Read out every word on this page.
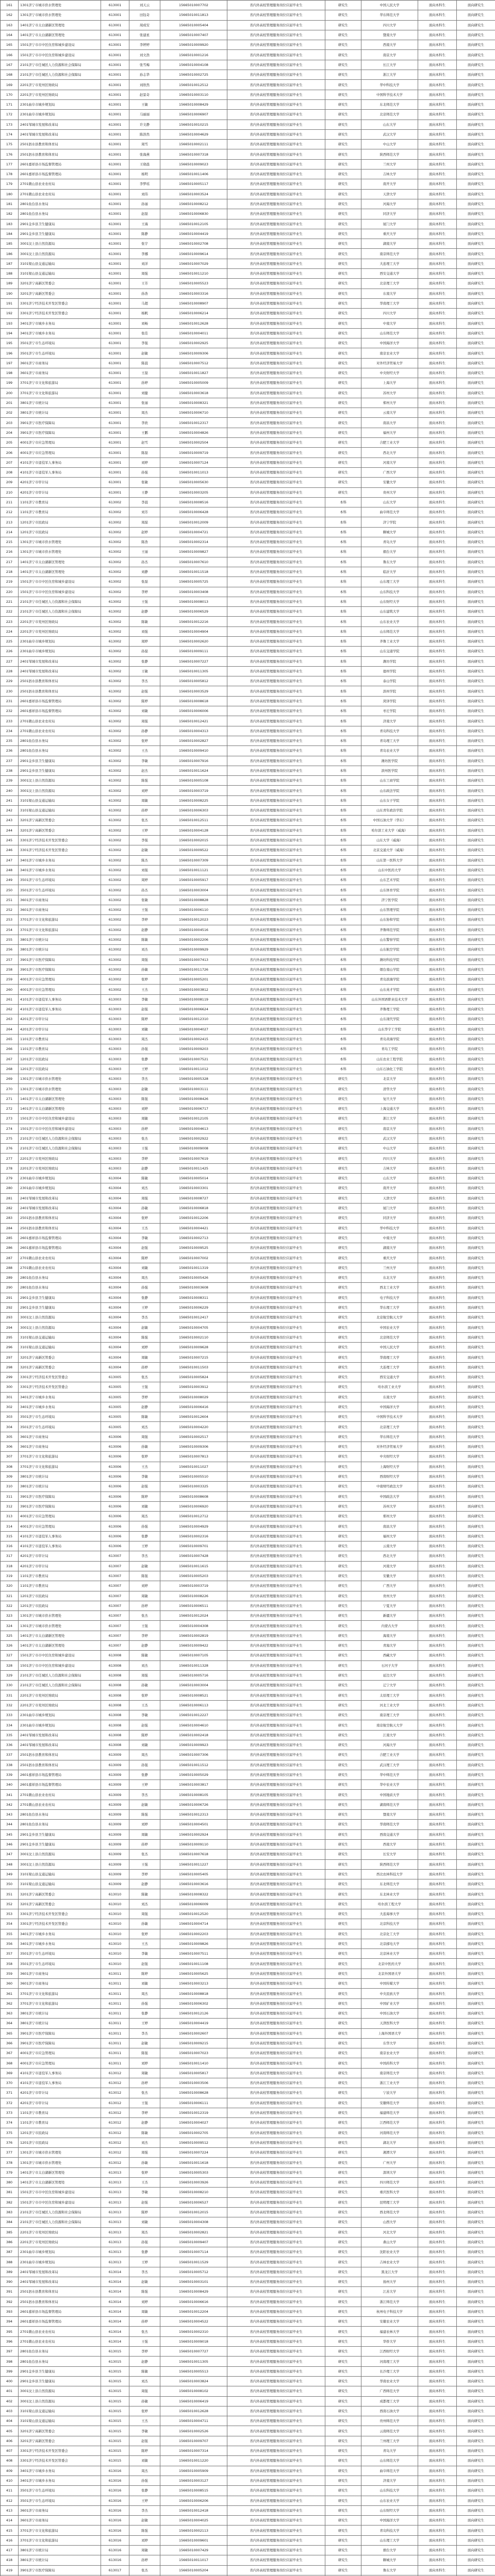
161	1301济宁市城市供水管理处	613001	刘天云	15665010007702	省内外高校管理服务岗位应届毕业生	研究生	中国人民大学	面向本科生	面向研究生
162	1301济宁市城市供水管理处	613001	田钰奇	15665010011813	省内外高校管理服务岗位应届毕业生	研究生	华东师范大学	面向本科生	面向研究生
163	1401济宁市太白湖新区管理处	613001	周成安	15665010005404	省内外高校管理服务岗位应届毕业生	研究生	四川大学	面向本科生	面向研究生
164	1401济宁市太白湖新区管理处	613001	张建星	15665010007407	省内外高校管理服务岗位应届毕业生	研究生	暨南大学	面向本科生	面向研究生
165	1501济宁市市中区住房和城乡建设局	613001	李婷婷	15665010009920	省内外高校管理服务岗位应届毕业生	研究生	西南大学	面向本科生	面向研究生
166	1501济宁市市中区住房和城乡建设局	613001	刘文浩	15665010001216	省内外高校管理服务岗位应届毕业生	研究生	南京大学	面向本科生	面向研究生
167	2101济宁市任城区人力资源和社会保障局	613001	张雪梅	15665010004108	省内外高校管理服务岗位应届毕业生	研究生	长江大学	面向本科生	面向研究生
168	2101济宁市任城区人力资源和社会保障局	613001	孙志华	15665010002725	省内外高校管理服务岗位应届毕业生	研究生	浙江大学	面向本科生	面向研究生
169	2201济宁市兖州区财政局	613001	刘欣然	15665010012512	省内外高校管理服务岗位应届毕业生	研究生	华中科技大学	面向本科生	面向研究生
170	2201济宁市兖州区财政局	613001	赵景奇	15665010003110	省内外高校管理服务岗位应届毕业生	研究生	中国科学技术大学	面向本科生	面向研究生
171	2301曲阜市城乡规划局	613001	王敏	15665010008429	省内外高校管理服务岗位应届毕业生	研究生	东北师范大学	面向本科生	面向研究生
172	2301曲阜市城乡规划局	613001	马丽丽	15665010006907	省内外高校管理服务岗位应届毕业生	研究生	北京师范大学	面向本科生	面向研究生
173	2401邹城市发展和改革局	613001	许文静	15665010010215	省内外高校管理服务岗位应届毕业生	研究生	山东大学	面向本科生	面向研究生
174	2401邹城市发展和改革局	613001	陈浩然	15665010004629	省内外高校管理服务岗位应届毕业生	研究生	武汉大学	面向本科生	面向研究生
175	2501泗水县教育和体育局	613001	周雪	15665010002111	省内外高校管理服务岗位应届毕业生	研究生	中山大学	面向本科生	面向研究生
176	2501泗水县教育和体育局	613001	张海燕	15665010007318	省内外高校管理服务岗位应届毕业生	研究生	陕西师范大学	面向本科生	面向研究生
177	2601嘉祥县市场监督管理局	613001	王晓晨	15665010009023	省内外高校管理服务岗位应届毕业生	研究生	兰州大学	面向本科生	面向研究生
178	2601嘉祥县市场监督管理局	613001	杨明	15665010011406	省内外高校管理服务岗位应届毕业生	研究生	吉林大学	面向本科生	面向研究生
179	2701微山县农业农村局	613001	李梦瑶	15665010005117	省内外高校管理服务岗位应届毕业生	研究生	南开大学	面向本科生	面向研究生
180	2701微山县农业农村局	613001	刘伟	15665010003524	省内外高校管理服务岗位应届毕业生	研究生	天津大学	面向本科生	面向研究生
181	2801鱼台县水务局	613001	孙丽	15665010008212	省内外高校管理服务岗位应届毕业生	研究生	河海大学	面向本科生	面向研究生
182	2801鱼台县水务局	613001	赵磊	15665010006830	省内外高校管理服务岗位应届毕业生	研究生	同济大学	面向本科生	面向研究生
183	2901金乡县卫生健康局	613001	王海	15665010012105	省内外高校管理服务岗位应届毕业生	研究生	厦门大学	面向本科生	面向研究生
184	2901金乡县卫生健康局	613001	陈静	15665010004419	省内外高校管理服务岗位应届毕业生	研究生	重庆大学	面向本科生	面向研究生
185	3001汶上县自然资源局	613001	张宇	15665010002708	省内外高校管理服务岗位应届毕业生	研究生	湖南大学	面向本科生	面向研究生
186	3001汶上县自然资源局	613001	李娜	15665010009614	省内外高校管理服务岗位应届毕业生	研究生	南京师范大学	面向本科生	面向研究生
187	3101梁山县交通运输局	613001	刘洋	15665010007029	省内外高校管理服务岗位应届毕业生	研究生	大连理工大学	面向本科生	面向研究生
188	3101梁山县交通运输局	613001	周强	15665010011210	省内外高校管理服务岗位应届毕业生	研究生	西安交通大学	面向本科生	面向研究生
189	3201济宁高新区管委会	613001	王芳	15665010005523	省内外高校管理服务岗位应届毕业生	研究生	北京理工大学	面向本科生	面向研究生
190	3201济宁高新区管委会	613001	孙浩	15665010003316	省内外高校管理服务岗位应届毕业生	研究生	东南大学	面向本科生	面向研究生
191	3301济宁经济技术开发区管委会	613001	马超	15665010008907	省内外高校管理服务岗位应届毕业生	研究生	华南理工大学	面向本科生	面向研究生
192	3301济宁经济技术开发区管委会	613001	杨帆	15665010006214	省内外高校管理服务岗位应届毕业生	研究生	四川大学	面向本科生	面向研究生
193	3401济宁市城乡水务局	613001	刘畅	15665010012628	省内外高校管理服务岗位应届毕业生	研究生	中南大学	面向本科生	面向研究生
194	3401济宁市城乡水务局	613001	张佳	15665010004011	省内外高校管理服务岗位应届毕业生	研究生	山东师范大学	面向本科生	面向研究生
195	3501济宁市生态环境局	613001	李强	15665010002925	省内外高校管理服务岗位应届毕业生	研究生	中国海洋大学	面向本科生	面向研究生
196	3501济宁市生态环境局	613001	赵敏	15665010009306	省内外高校管理服务岗位应届毕业生	研究生	南京农业大学	面向本科生	面向研究生
197	3601济宁市商务局	613001	陈晨	15665010007512	省内外高校管理服务岗位应届毕业生	研究生	对外经济贸易大学	面向本科生	面向研究生
198	3601济宁市商务局	613001	王磊	15665010011827	省内外高校管理服务岗位应届毕业生	研究生	中央财经大学	面向本科生	面向研究生
199	3701济宁市文化和旅游局	613001	孙婷	15665010005009	省内外高校管理服务岗位应届毕业生	研究生	上海大学	面向本科生	面向研究生
200	3701济宁市文化和旅游局	613001	刘健	15665010003618	省内外高校管理服务岗位应届毕业生	研究生	苏州大学	面向本科生	面向研究生
201	3801济宁市统计局	613001	张丽	15665010008321	省内外高校管理服务岗位应届毕业生	研究生	郑州大学	面向本科生	面向研究生
202	3801济宁市统计局	613001	周杰	15665010006710	省内外高校管理服务岗位应届毕业生	研究生	云南大学	面向本科生	面向研究生
203	3901济宁市医疗保障局	613001	李欣	15665010012317	省内外高校管理服务岗位应届毕业生	研究生	南昌大学	面向本科生	面向研究生
204	3901济宁市医疗保障局	613001	王鹏	15665010004826	省内外高校管理服务岗位应届毕业生	研究生	福州大学	面向本科生	面向研究生
205	4001济宁市应急管理局	613001	赵雪	15665010002504	省内外高校管理服务岗位应届毕业生	研究生	合肥工业大学	面向本科生	面向研究生
206	4001济宁市应急管理局	613001	陈磊	15665010009719	省内外高校管理服务岗位应届毕业生	研究生	西北大学	面向本科生	面向研究生
207	4101济宁市退役军人事务局	613001	刘婷	15665010007124	省内外高校管理服务岗位应届毕业生	研究生	河南大学	面向本科生	面向研究生
208	4101济宁市退役军人事务局	613001	孙强	15665010011013	省内外高校管理服务岗位应届毕业生	研究生	广西大学	面向本科生	面向研究生
209	4201济宁市审计局	613001	张敏	15665010005630	省内外高校管理服务岗位应届毕业生	研究生	安徽大学	面向本科生	面向研究生
210	4201济宁市审计局	613001	王静	15665010003205	省内外高校管理服务岗位应届毕业生	研究生	贵州大学	面向本科生	面向研究生
211	1101济宁市教育局	613002	李晨	15665010008516	省内外高校管理服务岗位应届毕业生	本科	山东大学	面向本科生	面向研究生
212	1101济宁市教育局	613002	刘芳	15665010006428	省内外高校管理服务岗位应届毕业生	本科	曲阜师范大学	面向本科生	面向研究生
213	1201济宁市民政局	613002	周磊	15665010012009	省内外高校管理服务岗位应届毕业生	本科	济宁学院	面向本科生	面向研究生
214	1201济宁市民政局	613002	赵婷	15665010004721	省内外高校管理服务岗位应届毕业生	本科	聊城大学	面向本科生	面向研究生
215	1301济宁市城市供水管理处	613002	陈浩	15665010002314	省内外高校管理服务岗位应届毕业生	本科	青岛大学	面向本科生	面向研究生
216	1301济宁市城市供水管理处	613002	王丽	15665010009827	省内外高校管理服务岗位应届毕业生	本科	烟台大学	面向本科生	面向研究生
217	1401济宁市太白湖新区管理处	613002	孙杰	15665010007610	省内外高校管理服务岗位应届毕业生	本科	鲁东大学	面向本科生	面向研究生
218	1401济宁市太白湖新区管理处	613002	刘静	15665010011518	省内外高校管理服务岗位应届毕业生	本科	临沂大学	面向本科生	面向研究生
219	1501济宁市市中区住房和城乡建设局	613002	张磊	15665010005725	省内外高校管理服务岗位应届毕业生	本科	山东理工大学	面向本科生	面向研究生
220	1501济宁市市中区住房和城乡建设局	613002	李婷	15665010003408	省内外高校管理服务岗位应届毕业生	本科	山东科技大学	面向本科生	面向研究生
221	2101济宁市任城区人力资源和社会保障局	613002	王强	15665010008013	省内外高校管理服务岗位应届毕业生	本科	山东财经大学	面向本科生	面向研究生
222	2101济宁市任城区人力资源和社会保障局	613002	赵静	15665010006529	省内外高校管理服务岗位应届毕业生	本科	山东建筑大学	面向本科生	面向研究生
223	2201济宁市兖州区财政局	613002	陈敏	15665010012216	省内外高校管理服务岗位应届毕业生	本科	山东农业大学	面向本科生	面向研究生
224	2201济宁市兖州区财政局	613002	刘强	15665010004904	省内外高校管理服务岗位应届毕业生	本科	山东师范大学	面向本科生	面向研究生
225	2301曲阜市城乡规划局	613002	周婷	15665010002620	省内外高校管理服务岗位应届毕业生	本科	齐鲁工业大学	面向本科生	面向研究生
226	2301曲阜市城乡规划局	613002	孙磊	15665010009111	省内外高校管理服务岗位应届毕业生	本科	山东交通学院	面向本科生	面向研究生
227	2401邹城市发展和改革局	613002	张静	15665010007227	省内外高校管理服务岗位应届毕业生	本科	潍坊学院	面向本科生	面向研究生
228	2401邹城市发展和改革局	613002	王敏	15665010011305	省内外高校管理服务岗位应届毕业生	本科	德州学院	面向本科生	面向研究生
229	2501泗水县教育和体育局	613002	李杰	15665010005812	省内外高校管理服务岗位应届毕业生	本科	泰山学院	面向本科生	面向研究生
230	2501泗水县教育和体育局	613002	赵强	15665010003529	省内外高校管理服务岗位应届毕业生	本科	滨州学院	面向本科生	面向研究生
231	2601嘉祥县市场监督管理局	613002	陈婷	15665010008618	省内外高校管理服务岗位应届毕业生	本科	菏泽学院	面向本科生	面向研究生
232	2601嘉祥县市场监督管理局	613002	刘敏	15665010006006	省内外高校管理服务岗位应届毕业生	本科	枣庄学院	面向本科生	面向研究生
233	2701微山县农业农村局	613002	周强	15665010012421	省内外高校管理服务岗位应届毕业生	本科	济南大学	面向本科生	面向研究生
234	2701微山县农业农村局	613002	孙静	15665010004313	省内外高校管理服务岗位应届毕业生	本科	青岛科技大学	面向本科生	面向研究生
235	2801鱼台县水务局	613002	张婷	15665010002827	省内外高校管理服务岗位应届毕业生	本科	青岛理工大学	面向本科生	面向研究生
236	2801鱼台县水务局	613002	王杰	15665010009410	省内外高校管理服务岗位应届毕业生	本科	青岛农业大学	面向本科生	面向研究生
237	2901金乡县卫生健康局	613002	李敏	15665010007916	省内外高校管理服务岗位应届毕业生	本科	潍坊医学院	面向本科生	面向研究生
238	2901金乡县卫生健康局	613002	赵杰	15665010011624	省内外高校管理服务岗位应届毕业生	本科	滨州医学院	面向本科生	面向研究生
239	3001汶上县自然资源局	613002	陈强	15665010005108	省内外高校管理服务岗位应届毕业生	本科	山东工商学院	面向本科生	面向研究生
240	3001汶上县自然资源局	613002	刘婷	15665010003719	省内外高校管理服务岗位应届毕业生	本科	山东政法学院	面向本科生	面向研究生
241	3101梁山县交通运输局	613002	周敏	15665010008225	省内外高校管理服务岗位应届毕业生	本科	山东女子学院	面向本科生	面向研究生
242	3101梁山县交通运输局	613002	孙婷	15665010006303	省内外高校管理服务岗位应届毕业生	本科	山东青年政治学院	面向本科生	面向研究生
243	3201济宁高新区管委会	613002	张杰	15665010012511	省内外高校管理服务岗位应届毕业生	本科	中国石油大学（华东）	面向本科生	面向研究生
244	3201济宁高新区管委会	613002	王婷	15665010004128	省内外高校管理服务岗位应届毕业生	本科	哈尔滨工业大学（威海）	面向本科生	面向研究生
245	3301济宁经济技术开发区管委会	613002	李强	15665010002015	省内外高校管理服务岗位应届毕业生	本科	山东大学（威海）	面向本科生	面向研究生
246	3301济宁经济技术开发区管委会	613002	赵敏	15665010009522	省内外高校管理服务岗位应届毕业生	本科	北京交通大学（威海）	面向本科生	面向研究生
247	3401济宁市城乡水务局	613002	陈杰	15665010007309	省内外高校管理服务岗位应届毕业生	本科	山东第一医科大学	面向本科生	面向研究生
248	3401济宁市城乡水务局	613002	刘强	15665010011121	省内外高校管理服务岗位应届毕业生	本科	山东中医药大学	面向本科生	面向研究生
249	3501济宁市生态环境局	613002	周婷	15665010005917	省内外高校管理服务岗位应届毕业生	本科	山东艺术学院	面向本科生	面向研究生
250	3501济宁市生态环境局	613002	孙杰	15665010003004	省内外高校管理服务岗位应届毕业生	本科	山东体育学院	面向本科生	面向研究生
251	3601济宁市商务局	613002	张敏	15665010008828	省内外高校管理服务岗位应届毕业生	本科	济宁医学院	面向本科生	面向研究生
252	3601济宁市商务局	613002	王强	15665010006110	省内外高校管理服务岗位应届毕业生	本科	山东管理学院	面向本科生	面向研究生
253	3701济宁市文化和旅游局	613002	李婷	15665010012023	省内外高校管理服务岗位应届毕业生	本科	山东协和学院	面向本科生	面向研究生
254	3701济宁市文化和旅游局	613002	赵静	15665010004516	省内外高校管理服务岗位应届毕业生	本科	齐鲁师范学院	面向本科生	面向研究生
255	3801济宁市统计局	613002	陈敏	15665010002206	省内外高校管理服务岗位应届毕业生	本科	山东警察学院	面向本科生	面向研究生
256	3801济宁市统计局	613002	刘杰	15665010009929	省内外高校管理服务岗位应届毕业生	本科	山东航空学院	面向本科生	面向研究生
257	3901济宁市医疗保障局	613002	周强	15665010007413	省内外高校管理服务岗位应届毕业生	本科	潍坊科技学院	面向本科生	面向研究生
258	3901济宁市医疗保障局	613002	孙敏	15665010011726	省内外高校管理服务岗位应届毕业生	本科	烟台南山学院	面向本科生	面向研究生
259	4001济宁市应急管理局	613002	张婷	15665010005201	省内外高校管理服务岗位应届毕业生	本科	青岛滨海学院	面向本科生	面向研究生
260	4001济宁市应急管理局	613002	王杰	15665010003812	省内外高校管理服务岗位应届毕业生	本科	山东英才学院	面向本科生	面向研究生
261	4101济宁市退役军人事务局	613003	李敏	15665010008119	省内外高校管理服务岗位应届毕业生	本科	山东外国语职业技术大学	面向本科生	面向研究生
262	4101济宁市退役军人事务局	613003	赵强	15665010006624	省内外高校管理服务岗位应届毕业生	本科	齐鲁理工学院	面向本科生	面向研究生
263	4201济宁市审计局	613003	陈婷	15665010012310	省内外高校管理服务岗位应届毕业生	本科	山东现代学院	面向本科生	面向研究生
264	4201济宁市审计局	613003	刘敏	15665010004027	省内外高校管理服务岗位应届毕业生	本科	山东华宇工学院	面向本科生	面向研究生
265	1101济宁市教育局	613003	周杰	15665010002415	省内外高校管理服务岗位应届毕业生	本科	青岛黄海学院	面向本科生	面向研究生
266	1101济宁市教育局	613003	孙强	15665010009203	省内外高校管理服务岗位应届毕业生	本科	青岛工学院	面向本科生	面向研究生
267	1201济宁市民政局	613003	张静	15665010007521	省内外高校管理服务岗位应届毕业生	本科	山东农业工程学院	面向本科生	面向研究生
268	1201济宁市民政局	613003	王婷	15665010011012	省内外高校管理服务岗位应届毕业生	本科	山东石油化工学院	面向本科生	面向研究生
269	1301济宁市城市供水管理处	613003	李杰	15665010005328	省内外高校管理服务岗位应届毕业生	研究生	北京大学	面向本科生	面向研究生
270	1301济宁市城市供水管理处	613003	赵敏	15665010003111	省内外高校管理服务岗位应届毕业生	研究生	清华大学	面向本科生	面向研究生
271	1401济宁市太白湖新区管理处	613003	陈强	15665010008426	省内外高校管理服务岗位应届毕业生	研究生	复旦大学	面向本科生	面向研究生
272	1401济宁市太白湖新区管理处	613003	刘婷	15665010006717	省内外高校管理服务岗位应届毕业生	研究生	上海交通大学	面向本科生	面向研究生
273	1501济宁市市中区住房和城乡建设局	613003	周敏	15665010012105	省内外高校管理服务岗位应届毕业生	研究生	浙江大学	面向本科生	面向研究生
274	1501济宁市市中区住房和城乡建设局	613003	孙婷	15665010004613	省内外高校管理服务岗位应届毕业生	研究生	南京大学	面向本科生	面向研究生
275	2101济宁市任城区人力资源和社会保障局	613003	张杰	15665010002922	省内外高校管理服务岗位应届毕业生	研究生	武汉大学	面向本科生	面向研究生
276	2101济宁市任城区人力资源和社会保障局	613003	王强	15665010009008	省内外高校管理服务岗位应届毕业生	研究生	中山大学	面向本科生	面向研究生
277	2201济宁市兖州区财政局	613003	李婷	15665010007619	省内外高校管理服务岗位应届毕业生	研究生	四川大学	面向本科生	面向研究生
278	2201济宁市兖州区财政局	613003	赵静	15665010011425	省内外高校管理服务岗位应届毕业生	研究生	吉林大学	面向本科生	面向研究生
279	2301曲阜市城乡规划局	613004	陈敏	15665010005014	省内外高校管理服务岗位应届毕业生	研究生	山东大学	面向本科生	面向研究生
280	2301曲阜市城乡规划局	613004	刘杰	15665010003301	省内外高校管理服务岗位应届毕业生	研究生	南开大学	面向本科生	面向研究生
281	2401邹城市发展和改革局	613004	周强	15665010008727	省内外高校管理服务岗位应届毕业生	研究生	天津大学	面向本科生	面向研究生
282	2401邹城市发展和改革局	613004	孙敏	15665010006818	省内外高校管理服务岗位应届毕业生	研究生	厦门大学	面向本科生	面向研究生
283	2501泗水县教育和体育局	613004	张婷	15665010012206	省内外高校管理服务岗位应届毕业生	研究生	同济大学	面向本科生	面向研究生
284	2501泗水县教育和体育局	613004	王杰	15665010004421	省内外高校管理服务岗位应届毕业生	研究生	华中科技大学	面向本科生	面向研究生
285	2601嘉祥县市场监督管理局	613004	李敏	15665010002713	省内外高校管理服务岗位应届毕业生	研究生	中南大学	面向本科生	面向研究生
286	2601嘉祥县市场监督管理局	613004	赵强	15665010009525	省内外高校管理服务岗位应届毕业生	研究生	湖南大学	面向本科生	面向研究生
287	2701微山县农业农村局	613004	陈婷	15665010007002	省内外高校管理服务岗位应届毕业生	研究生	重庆大学	面向本科生	面向研究生
288	2701微山县农业农村局	613004	刘敏	15665010011319	省内外高校管理服务岗位应届毕业生	研究生	兰州大学	面向本科生	面向研究生
289	2801鱼台县水务局	613004	周杰	15665010005426	省内外高校管理服务岗位应届毕业生	研究生	东北大学	面向本科生	面向研究生
290	2801鱼台县水务局	613004	孙强	15665010003608	省内外高校管理服务岗位应届毕业生	研究生	西北工业大学	面向本科生	面向研究生
291	2901金乡县卫生健康局	613004	张静	15665010008311	省内外高校管理服务岗位应届毕业生	研究生	电子科技大学	面向本科生	面向研究生
292	2901金乡县卫生健康局	613004	王婷	15665010006229	省内外高校管理服务岗位应届毕业生	研究生	华东理工大学	面向本科生	面向研究生
293	3001汶上县自然资源局	613004	李杰	15665010012417	省内外高校管理服务岗位应届毕业生	研究生	北京航空航天大学	面向本科生	面向研究生
294	3001汶上县自然资源局	613004	赵敏	15665010004705	省内外高校管理服务岗位应届毕业生	研究生	中国农业大学	面向本科生	面向研究生
295	3101梁山县交通运输局	613004	陈强	15665010002110	省内外高校管理服务岗位应届毕业生	研究生	北京师范大学	面向本科生	面向研究生
296	3101梁山县交通运输局	613004	刘婷	15665010009628	省内外高校管理服务岗位应届毕业生	研究生	中国人民大学	面向本科生	面向研究生
297	3201济宁高新区管委会	613004	周敏	15665010007215	省内外高校管理服务岗位应届毕业生	研究生	华南理工大学	面向本科生	面向研究生
298	3201济宁高新区管委会	613004	孙婷	15665010011503	省内外高校管理服务岗位应届毕业生	研究生	大连理工大学	面向本科生	面向研究生
299	3301济宁经济技术开发区管委会	613005	张杰	15665010005824	省内外高校管理服务岗位应届毕业生	研究生	西安交通大学	面向本科生	面向研究生
300	3301济宁经济技术开发区管委会	613005	王强	15665010003912	省内外高校管理服务岗位应届毕业生	研究生	哈尔滨工业大学	面向本科生	面向研究生
301	3401济宁市城乡水务局	613005	李婷	15665010008029	省内外高校管理服务岗位应届毕业生	研究生	东南大学	面向本科生	面向研究生
302	3401济宁市城乡水务局	613005	赵静	15665010006416	省内外高校管理服务岗位应届毕业生	研究生	中国海洋大学	面向本科生	面向研究生
303	3501济宁市生态环境局	613005	陈敏	15665010012604	省内外高校管理服务岗位应届毕业生	研究生	中国科学技术大学	面向本科生	面向研究生
304	3501济宁市生态环境局	613005	刘杰	15665010004220	省内外高校管理服务岗位应届毕业生	研究生	北京理工大学	面向本科生	面向研究生
305	3601济宁市商务局	613006	周强	15665010002517	省内外高校管理服务岗位应届毕业生	研究生	华东师范大学	面向本科生	面向研究生
306	3601济宁市商务局	613006	孙敏	15665010009306	省内外高校管理服务岗位应届毕业生	研究生	对外经济贸易大学	面向本科生	面向研究生
307	3701济宁市文化和旅游局	613006	张婷	15665010007813	省内外高校管理服务岗位应届毕业生	研究生	中央财经大学	面向本科生	面向研究生
308	3701济宁市文化和旅游局	613006	王杰	15665010011027	省内外高校管理服务岗位应届毕业生	研究生	上海财经大学	面向本科生	面向研究生
309	3801济宁市统计局	613006	李敏	15665010005510	省内外高校管理服务岗位应届毕业生	研究生	西南财经大学	面向本科生	面向研究生
310	3801济宁市统计局	613006	赵强	15665010003325	省内外高校管理服务岗位应届毕业生	研究生	中南财经政法大学	面向本科生	面向研究生
311	3901济宁市医疗保障局	613006	陈婷	15665010008608	省内外高校管理服务岗位应届毕业生	研究生	中国政法大学	面向本科生	面向研究生
312	3901济宁市医疗保障局	613006	刘敏	15665010006920	省内外高校管理服务岗位应届毕业生	研究生	苏州大学	面向本科生	面向研究生
313	4001济宁市应急管理局	613006	周杰	15665010012712	省内外高校管理服务岗位应届毕业生	研究生	郑州大学	面向本科生	面向研究生
314	4001济宁市应急管理局	613006	孙强	15665010004929	省内外高校管理服务岗位应届毕业生	研究生	南昌大学	面向本科生	面向研究生
315	4101济宁市退役军人事务局	613006	张静	15665010002316	省内外高校管理服务岗位应届毕业生	研究生	福州大学	面向本科生	面向研究生
316	4101济宁市退役军人事务局	613006	王婷	15665010009701	省内外高校管理服务岗位应届毕业生	研究生	云南大学	面向本科生	面向研究生
317	4201济宁市审计局	613007	李杰	15665010007428	省内外高校管理服务岗位应届毕业生	研究生	西北大学	面向本科生	面向研究生
318	4201济宁市审计局	613007	赵敏	15665010011615	省内外高校管理服务岗位应届毕业生	研究生	河南大学	面向本科生	面向研究生
319	1101济宁市教育局	613007	陈强	15665010005203	省内外高校管理服务岗位应届毕业生	研究生	安徽大学	面向本科生	面向研究生
320	1101济宁市教育局	613007	刘婷	15665010003719	省内外高校管理服务岗位应届毕业生	研究生	广西大学	面向本科生	面向研究生
321	1201济宁市民政局	613007	周敏	15665010008226	省内外高校管理服务岗位应届毕业生	研究生	贵州大学	面向本科生	面向研究生
322	1201济宁市民政局	613007	孙婷	15665010006511	省内外高校管理服务岗位应届毕业生	研究生	宁夏大学	面向本科生	面向研究生
323	1301济宁市城市供水管理处	613007	张杰	15665010012024	省内外高校管理服务岗位应届毕业生	研究生	新疆大学	面向本科生	面向研究生
324	1301济宁市城市供水管理处	613007	王强	15665010004308	省内外高校管理服务岗位应届毕业生	研究生	内蒙古大学	面向本科生	面向研究生
325	1401济宁市太白湖新区管理处	613007	李婷	15665010002819	省内外高校管理服务岗位应届毕业生	研究生	海南大学	面向本科生	面向研究生
326	1401济宁市太白湖新区管理处	613007	赵静	15665010009422	省内外高校管理服务岗位应届毕业生	研究生	青海大学	面向本科生	面向研究生
327	1501济宁市市中区住房和城乡建设局	613008	陈敏	15665010007105	省内外高校管理服务岗位应届毕业生	研究生	西藏大学	面向本科生	面向研究生
328	1501济宁市市中区住房和城乡建设局	613008	刘杰	15665010011328	省内外高校管理服务岗位应届毕业生	研究生	石河子大学	面向本科生	面向研究生
329	2101济宁市任城区人力资源和社会保障局	613008	周强	15665010005716	省内外高校管理服务岗位应届毕业生	研究生	延边大学	面向本科生	面向研究生
330	2101济宁市任城区人力资源和社会保障局	613008	孙敏	15665010003004	省内外高校管理服务岗位应届毕业生	研究生	辽宁大学	面向本科生	面向研究生
331	2201济宁市兖州区财政局	613008	张婷	15665010008521	省内外高校管理服务岗位应届毕业生	研究生	太原理工大学	面向本科生	面向研究生
332	2201济宁市兖州区财政局	613008	王杰	15665010006113	省内外高校管理服务岗位应届毕业生	研究生	河北工业大学	面向本科生	面向研究生
333	2301曲阜市城乡规划局	613008	李敏	15665010012227	省内外高校管理服务岗位应届毕业生	研究生	南京理工大学	面向本科生	面向研究生
334	2301曲阜市城乡规划局	613008	赵强	15665010004610	省内外高校管理服务岗位应届毕业生	研究生	南京航空航天大学	面向本科生	面向研究生
335	2401邹城市发展和改革局	613008	陈婷	15665010002418	省内外高校管理服务岗位应届毕业生	研究生	江南大学	面向本科生	面向研究生
336	2401邹城市发展和改革局	613008	刘敏	15665010009923	省内外高校管理服务岗位应届毕业生	研究生	河海大学	面向本科生	面向研究生
337	2501泗水县教育和体育局	613009	周杰	15665010007306	省内外高校管理服务岗位应届毕业生	研究生	合肥工业大学	面向本科生	面向研究生
338	2501泗水县教育和体育局	613009	孙强	15665010011512	省内外高校管理服务岗位应届毕业生	研究生	武汉理工大学	面向本科生	面向研究生
339	2601嘉祥县市场监督管理局	613009	张静	15665010005029	省内外高校管理服务岗位应届毕业生	研究生	华中师范大学	面向本科生	面向研究生
340	2601嘉祥县市场监督管理局	613009	王婷	15665010003817	省内外高校管理服务岗位应届毕业生	研究生	华中农业大学	面向本科生	面向研究生
341	2701微山县农业农村局	613009	李杰	15665010008105	省内外高校管理服务岗位应届毕业生	研究生	中国地质大学	面向本科生	面向研究生
342	2701微山县农业农村局	613009	赵敏	15665010006726	省内外高校管理服务岗位应届毕业生	研究生	湖南师范大学	面向本科生	面向研究生
343	2801鱼台县水务局	613009	陈强	15665010012313	省内外高校管理服务岗位应届毕业生	研究生	暨南大学	面向本科生	面向研究生
344	2801鱼台县水务局	613009	刘婷	15665010004501	省内外高校管理服务岗位应届毕业生	研究生	华南师范大学	面向本科生	面向研究生
345	2901金乡县卫生健康局	613009	周敏	15665010002924	省内外高校管理服务岗位应届毕业生	研究生	西南交通大学	面向本科生	面向研究生
346	2901金乡县卫生健康局	613009	孙婷	15665010009110	省内外高校管理服务岗位应届毕业生	研究生	西南大学	面向本科生	面向研究生
347	3001汶上县自然资源局	613009	张杰	15665010007618	省内外高校管理服务岗位应届毕业生	研究生	长安大学	面向本科生	面向研究生
348	3001汶上县自然资源局	613009	王强	15665010011227	省内外高校管理服务岗位应届毕业生	研究生	陕西师范大学	面向本科生	面向研究生
349	3101梁山县交通运输局	613009	李婷	15665010005405	省内外高校管理服务岗位应届毕业生	研究生	西北农林科技大学	面向本科生	面向研究生
350	3101梁山县交通运输局	613009	赵静	15665010003616	省内外高校管理服务岗位应届毕业生	研究生	东北师范大学	面向本科生	面向研究生
351	3201济宁高新区管委会	613010	陈敏	15665010008322	省内外高校管理服务岗位应届毕业生	研究生	东北林业大学	面向本科生	面向研究生
352	3201济宁高新区管委会	613010	刘杰	15665010006009	省内外高校管理服务岗位应届毕业生	研究生	哈尔滨工程大学	面向本科生	面向研究生
353	3301济宁经济技术开发区管委会	613010	周强	15665010012520	省内外高校管理服务岗位应届毕业生	研究生	大连海事大学	面向本科生	面向研究生
354	3301济宁经济技术开发区管委会	613010	孙敏	15665010004714	省内外高校管理服务岗位应届毕业生	研究生	北京科技大学	面向本科生	面向研究生
355	3401济宁市城乡水务局	613010	张婷	15665010002203	省内外高校管理服务岗位应届毕业生	研究生	北京化工大学	面向本科生	面向研究生
356	3401济宁市城乡水务局	613010	王杰	15665010009826	省内外高校管理服务岗位应届毕业生	研究生	北京邮电大学	面向本科生	面向研究生
357	3501济宁市生态环境局	613010	李敏	15665010007511	省内外高校管理服务岗位应届毕业生	研究生	北京林业大学	面向本科生	面向研究生
358	3501济宁市生态环境局	613010	赵强	15665010011108	省内外高校管理服务岗位应届毕业生	研究生	北京中医药大学	面向本科生	面向研究生
359	3601济宁市商务局	613011	陈婷	15665010005625	省内外高校管理服务岗位应届毕业生	研究生	北京外国语大学	面向本科生	面向研究生
360	3601济宁市商务局	613011	刘敏	15665010003213	省内外高校管理服务岗位应届毕业生	研究生	中国传媒大学	面向本科生	面向研究生
361	3701济宁市文化和旅游局	613011	周杰	15665010008818	省内外高校管理服务岗位应届毕业生	研究生	中央民族大学	面向本科生	面向研究生
362	3701济宁市文化和旅游局	613011	孙强	15665010006302	省内外高校管理服务岗位应届毕业生	研究生	中国矿业大学	面向本科生	面向研究生
363	3801济宁市统计局	613011	张静	15665010012126	省内外高校管理服务岗位应届毕业生	研究生	中国石油大学	面向本科生	面向研究生
364	3801济宁市统计局	613011	王婷	15665010004419	省内外高校管理服务岗位应届毕业生	研究生	天津医科大学	面向本科生	面向研究生
365	3901济宁市医疗保障局	613011	李杰	15665010002607	省内外高校管理服务岗位应届毕业生	研究生	上海外国语大学	面向本科生	面向研究生
366	3901济宁市医疗保障局	613011	赵敏	15665010009215	省内外高校管理服务岗位应届毕业生	研究生	东华大学	面向本科生	面向研究生
367	4001济宁市应急管理局	613011	陈强	15665010007023	省内外高校管理服务岗位应届毕业生	研究生	南京农业大学	面向本科生	面向研究生
368	4001济宁市应急管理局	613011	刘婷	15665010011410	省内外高校管理服务岗位应届毕业生	研究生	中国药科大学	面向本科生	面向研究生
369	4101济宁市退役军人事务局	613012	周敏	15665010005817	省内外高校管理服务岗位应届毕业生	研究生	南京师范大学	面向本科生	面向研究生
370	4101济宁市退役军人事务局	613012	孙婷	15665010003506	省内外高校管理服务岗位应届毕业生	研究生	浙江工业大学	面向本科生	面向研究生
371	4201济宁市审计局	613012	张杰	15665010008628	省内外高校管理服务岗位应届毕业生	研究生	宁波大学	面向本科生	面向研究生
372	4201济宁市审计局	613012	王强	15665010006111	省内外高校管理服务岗位应届毕业生	研究生	安徽师范大学	面向本科生	面向研究生
373	1101济宁市教育局	613012	李婷	15665010012319	省内外高校管理服务岗位应届毕业生	研究生	福建师范大学	面向本科生	面向研究生
374	1101济宁市教育局	613012	赵静	15665010004027	省内外高校管理服务岗位应届毕业生	研究生	江西师范大学	面向本科生	面向研究生
375	1201济宁市民政局	613012	陈敏	15665010002705	省内外高校管理服务岗位应届毕业生	研究生	河南师范大学	面向本科生	面向研究生
376	1201济宁市民政局	613012	刘杰	15665010009512	省内外高校管理服务岗位应届毕业生	研究生	湖北大学	面向本科生	面向研究生
377	1301济宁市城市供水管理处	613012	周强	15665010007224	省内外高校管理服务岗位应届毕业生	研究生	湘潭大学	面向本科生	面向研究生
378	1301济宁市城市供水管理处	613012	孙敏	15665010011618	省内外高校管理服务岗位应届毕业生	研究生	广州大学	面向本科生	面向研究生
379	1401济宁市太白湖新区管理处	613013	张婷	15665010005303	省内外高校管理服务岗位应届毕业生	研究生	深圳大学	面向本科生	面向研究生
380	1401济宁市太白湖新区管理处	613013	王杰	15665010003926	省内外高校管理服务岗位应届毕业生	研究生	四川师范大学	面向本科生	面向研究生
381	1501济宁市市中区住房和城乡建设局	613013	李敏	15665010008210	省内外高校管理服务岗位应届毕业生	研究生	重庆医科大学	面向本科生	面向研究生
382	1501济宁市市中区住房和城乡建设局	613013	赵强	15665010006527	省内外高校管理服务岗位应届毕业生	研究生	昆明理工大学	面向本科生	面向研究生
383	2101济宁市任城区人力资源和社会保障局	613013	陈婷	15665010012015	省内外高校管理服务岗位应届毕业生	研究生	西北师范大学	面向本科生	面向研究生
384	2101济宁市任城区人力资源和社会保障局	613013	刘敏	15665010004308	省内外高校管理服务岗位应届毕业生	研究生	山西大学	面向本科生	面向研究生
385	2201济宁市兖州区财政局	613013	周杰	15665010002821	省内外高校管理服务岗位应届毕业生	研究生	河北大学	面向本科生	面向研究生
386	2201济宁市兖州区财政局	613013	孙强	15665010009407	省内外高校管理服务岗位应届毕业生	研究生	燕山大学	面向本科生	面向研究生
387	2301曲阜市城乡规划局	613013	张静	15665010007114	省内外高校管理服务岗位应届毕业生	研究生	沈阳农业大学	面向本科生	面向研究生
388	2301曲阜市城乡规划局	613013	王婷	15665010011529	省内外高校管理服务岗位应届毕业生	研究生	吉林农业大学	面向本科生	面向研究生
389	2401邹城市发展和改革局	613014	李杰	15665010005712	省内外高校管理服务岗位应届毕业生	研究生	黑龙江大学	面向本科生	面向研究生
390	2401邹城市发展和改革局	613014	赵敏	15665010003101	省内外高校管理服务岗位应届毕业生	研究生	扬州大学	面向本科生	面向研究生
391	2501泗水县教育和体育局	613014	陈强	15665010008429	省内外高校管理服务岗位应届毕业生	研究生	江苏大学	面向本科生	面向研究生
392	2501泗水县教育和体育局	613014	刘婷	15665010006616	省内外高校管理服务岗位应届毕业生	研究生	浙江师范大学	面向本科生	面向研究生
393	2601嘉祥县市场监督管理局	613014	周敏	15665010012204	省内外高校管理服务岗位应届毕业生	研究生	杭州电子科技大学	面向本科生	面向研究生
394	2601嘉祥县市场监督管理局	613014	孙婷	15665010004522	省内外高校管理服务岗位应届毕业生	研究生	安徽农业大学	面向本科生	面向研究生
395	2701微山县农业农村局	613014	张杰	15665010002310	省内外高校管理服务岗位应届毕业生	研究生	福建农林大学	面向本科生	面向研究生
396	2701微山县农业农村局	613014	王强	15665010009018	省内外高校管理服务岗位应届毕业生	研究生	华侨大学	面向本科生	面向研究生
397	2801鱼台县水务局	613015	李婷	15665010007727	省内外高校管理服务岗位应届毕业生	研究生	江西财经大学	面向本科生	面向研究生
398	2801鱼台县水务局	613015	赵静	15665010011305	省内外高校管理服务岗位应届毕业生	研究生	河南理工大学	面向本科生	面向研究生
399	2901金乡县卫生健康局	613015	陈敏	15665010005513	省内外高校管理服务岗位应届毕业生	研究生	长沙理工大学	面向本科生	面向研究生
400	2901金乡县卫生健康局	613015	刘杰	15665010003824	省内外高校管理服务岗位应届毕业生	研究生	华南农业大学	面向本科生	面向研究生
401	3001汶上县自然资源局	613015	周强	15665010008102	省内外高校管理服务岗位应届毕业生	研究生	广西师范大学	面向本科生	面向研究生
402	3001汶上县自然资源局	613015	孙敏	15665010006419	省内外高校管理服务岗位应届毕业生	研究生	成都理工大学	面向本科生	面向研究生
403	3101梁山县交通运输局	613015	张婷	15665010012628	省内外高校管理服务岗位应届毕业生	研究生	西南石油大学	面向本科生	面向研究生
404	3101梁山县交通运输局	613015	王杰	15665010004711	省内外高校管理服务岗位应届毕业生	研究生	贵州师范大学	面向本科生	面向研究生
405	3201济宁高新区管委会	613015	李敏	15665010002526	省内外高校管理服务岗位应届毕业生	研究生	云南师范大学	面向本科生	面向研究生
406	3201济宁高新区管委会	613015	赵强	15665010009707	省内外高校管理服务岗位应届毕业生	研究生	兰州理工大学	面向本科生	面向研究生
407	3301济宁经济技术开发区管委会	613015	陈婷	15665010007314	省内外高校管理服务岗位应届毕业生	研究生	青岛大学	面向本科生	面向研究生
408	3301济宁经济技术开发区管委会	613015	刘敏	15665010011220	省内外高校管理服务岗位应届毕业生	研究生	山东师范大学	面向本科生	面向研究生
409	3401济宁市城乡水务局	613016	周杰	15665010005909	省内外高校管理服务岗位应届毕业生	研究生	曲阜师范大学	面向本科生	面向研究生
410	3401济宁市城乡水务局	613016	孙强	15665010003127	省内外高校管理服务岗位应届毕业生	研究生	济南大学	面向本科生	面向研究生
411	3501济宁市生态环境局	613016	张静	15665010008515	省内外高校管理服务岗位应届毕业生	研究生	山东科技大学	面向本科生	面向研究生
412	3501济宁市生态环境局	613016	王婷	15665010006206	省内外高校管理服务岗位应届毕业生	研究生	山东农业大学	面向本科生	面向研究生
413	3601济宁市商务局	613016	李杰	15665010012418	省内外高校管理服务岗位应届毕业生	研究生	山东财经大学	面向本科生	面向研究生
414	3601济宁市商务局	613016	赵敏	15665010004025	省内外高校管理服务岗位应届毕业生	研究生	中国海洋大学	面向本科生	面向研究生
415	3701济宁市文化和旅游局	613016	陈强	15665010002113	省内外高校管理服务岗位应届毕业生	研究生	青岛科技大学	面向本科生	面向研究生
416	3701济宁市文化和旅游局	613016	刘婷	15665010009601	省内外高校管理服务岗位应届毕业生	研究生	山东理工大学	面向本科生	面向研究生
417	3801济宁市统计局	613016	周敏	15665010007429	省内外高校管理服务岗位应届毕业生	研究生	烟台大学	面向本科生	面向研究生
418	3801济宁市统计局	613016	孙婷	15665010011017	省内外高校管理服务岗位应届毕业生	研究生	聊城大学	面向本科生	面向研究生
419	3901济宁市医疗保障局	613017	张杰	15665010005204	省内外高校管理服务岗位应届毕业生	研究生	鲁东大学	面向本科生	面向研究生
